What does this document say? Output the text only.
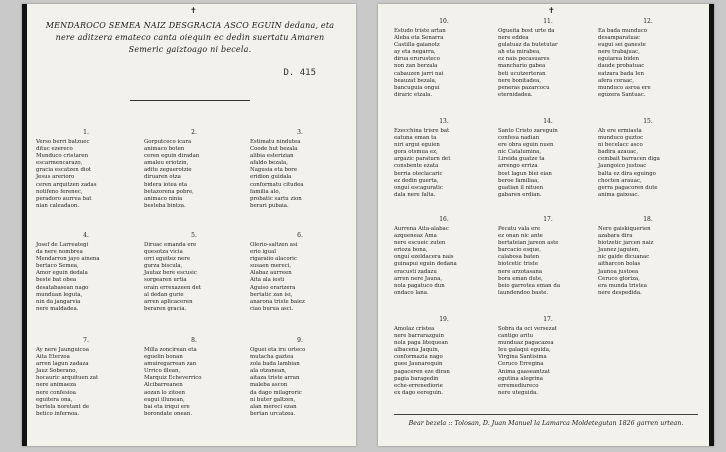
✝
MENDAROCO SEMEA NAIZ DESGRACIA ASCO EGUIN dedana, eta nere aditzera emateco canta oiequin ec dedin suertatu Amaren Semeric gaiztoago ni becela.
D. 415
1.
Verso berri batzuec
dituc ezereco
Munduco cristaren
escarmencarazo,
gracia escatzen diot
Jesus arerioro
ceren arquitzen zadas
notifeno ferenec,
peradoro aurrea bat
nian caleadaon.
2.
Gorputceco icara
animaco boten
ceren eguin diradan
amaleu eriotzin,
aditu zeguerotzie
diruaren otza
bidera iotea eta
betazorena pobre,
animaco ninia
besteba bintza.
3.
Estimatu nindutea
Coode hut bezala
alibia esterizian
afaldo bezala,
Nagusia eta bore
eridion guidala
conformatu citudea
familia alo,
probatic sartu zion
berari pubaia.
4.
Josef de Larreategi
da nere nombrea
Mendarron jayo ainena
bertaco Semea,
Amor eguin dedala
beste bat obea
desatabasean nago
munduan leguta,
nin da jangarvia
nere maldadea.
5.
Diruac emanda ere
quesotza vicia
orri eguitez nere
gurza biscula,
Jautaz bere escusic
sorgearen urtia
orain errexazeen det
al dedan gurie
arren aplicaceren
beraren gracia.
6.
Olerio-saltzen asi
erio igual
rigaraiio alacoric
susaen mereci,
Alabaz aurreen
Aita ala iesti
Aguiso erarizera
bertatic zan isi,
anarona triste baiez
ciao burua asci.
7.
Ay nere Jaunguicoa
Aita Eterzoa
arren lagun zadaza
Jauz Soberano,
hocauric arquituen zat
nere animaeza
nere confesioa
eguitera ona,
bertela noretant de
betico infernoa.
8.
Milla zoncirean eta
eguelin bonan
amuiregarrean zan
Urrico illean,
Marquiz Echeverrico
Alcibarreanen
aozan lo zitoen
eugui illunean,
bai eta iriqui ere
borondate onean.
9.
Oguei eta iru urteco
mutacha gaztea
zola bada lambian
ala otzanean,
aitaza triste arran
maleba ascon
da dago milagroric
ni buter galtzen,
alan mereci ezan
bertan urcatzea.
✝
10.
Estudo triste artan
Aleba eta Senarra
Castilla gaianotz
ay eta negarra,
dirua erurusteco
non zan berzala
cabauzen jarri nai
beauzat bezala,
bancuguia onguí
diraric etzala.
11.
Ogueita bost urte da
nere eddea
gulatuaz da butetutar
ah eta mirabea,
ez nais pecasuares
manchario gabea
beti ucutzerteran
nere bonitadea,
peneras pazarcocu
eternidadea.
12.
Ea bada munduco
desamparatuac
eugui sei ganeste
nere trabajuac,
eguiarea biden
daude probatuac
eatzara bada Ien
afera coraac,
munduco asroa ere
eguzera Santuac.
13.
Ezecchina trisre bat
eatuna eman ta
niri argui eguien
gora otsmua ez,
argazic paraturn det
consbente ezata
berria oteclacaric
ez dedin guerta,
onguí escaguratic
dala nere falta.
14.
Santo Cristo zareguin
confesa nadian
ere obra eguin nuen
nic Catalumina,
Lireida guatze ta
arrengo erriza
bost lagun biei eian
beroe familiaa,
guatian il nituen
gabaren erdian.
15.
Ah ere ermiasta
munduco guztoc
ni becelacc asco
badira azauac,
cembait barracen diga
Jaungoico justoac
balta ez dira eguingo
chocten arauac,
gerra pagacoren dute
anima gaixoac.
16.
Aurrena Aita-alabac
azqueneaz Ama
nere escueic zuten
erioza bona,
onguí ezeldacera nais
guinapui eguin dedana
eracusti zadazu
arren nere Jauna,
nola pagatuco dun
ondaco lana.
17.
Pecatu vala ere
ez onan nic ante
bertateian jareon aste
barcacio esque,
calabosa baten
biotcetic triste
nere arzotasana
bora eman dute,
beio garrotea eman da
laundendoo baste.
18.
Nere gaiskiquerien
azabara dira
biotzetic jarcen naiz
Jaunez jaguien,
nic gaide dicuanac
aitharcon bolas
Jaunoa justoea
Ceruco gloriza,
era munda tristea
nere despedida.
19.
Amolaz cristea
nere barrarazguin
nola paga litequean
albacena Jaquin,
conformazia nago
guee Jaunarequin
pagaceren eze diran
pagia baragedin
eche-errenediorie
ex dago eereguin.
17.
Sobra da oci versezat
cantigo aritu
munduaz pagacazea
Ieu galaqui eguida,
Virgina Santisima
Ceruco Erregina
Anima gaaseantzat
egutina alegrina
erremediureco
nere uteguida.
Bear bezela :: Tolosan, D. Juan Manuel la Lamarca Moldetegutan 1826 garren urtean.
